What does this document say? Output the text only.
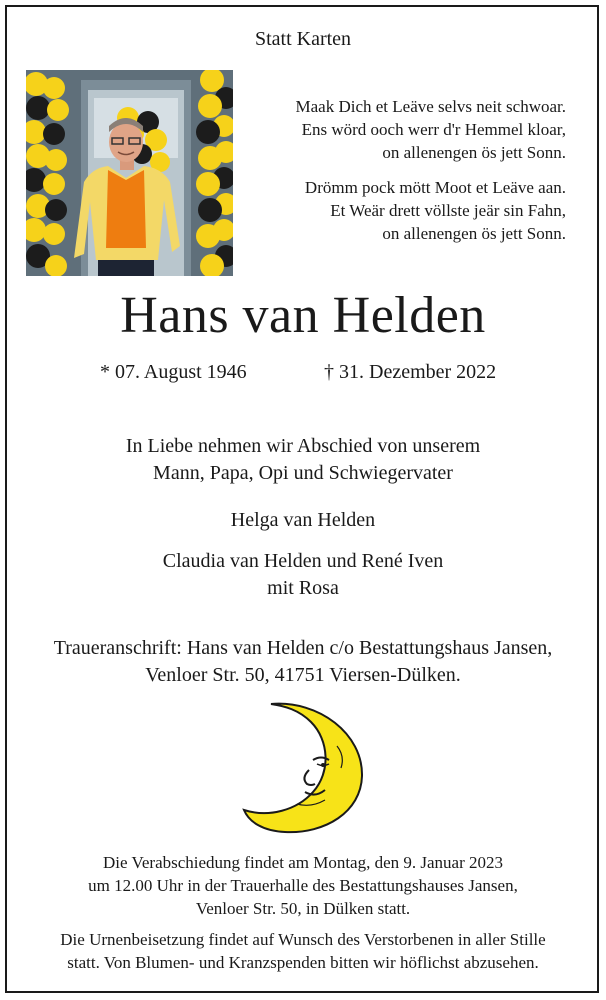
Statt Karten
Maak Dich et Leäve selvs neit schwoar.
Ens wörd ooch werr d'r Hemmel kloar,
on allenengen ös jett Sonn.
Drömm pock mött Moot et Leäve aan.
Et Weär drett völlste jeär sin Fahn,
on allenengen ös jett Sonn.
Hans van Helden
* 07. August 1946	† 31. Dezember 2022
In Liebe nehmen wir Abschied von unserem
Mann, Papa, Opi und Schwiegervater
Helga van Helden
Claudia van Helden und René Iven
mit Rosa
Traueranschrift: Hans van Helden c/o Bestattungshaus Jansen,
Venloer Str. 50, 41751 Viersen-Dülken.
Die Verabschiedung findet am Montag, den 9. Januar 2023
um 12.00 Uhr in der Trauerhalle des Bestattungshauses Jansen,
Venloer Str. 50, in Dülken statt.
Die Urnenbeisetzung findet auf Wunsch des Verstorbenen in aller Stille
statt. Von Blumen- und Kranzspenden bitten wir höflichst abzusehen.
